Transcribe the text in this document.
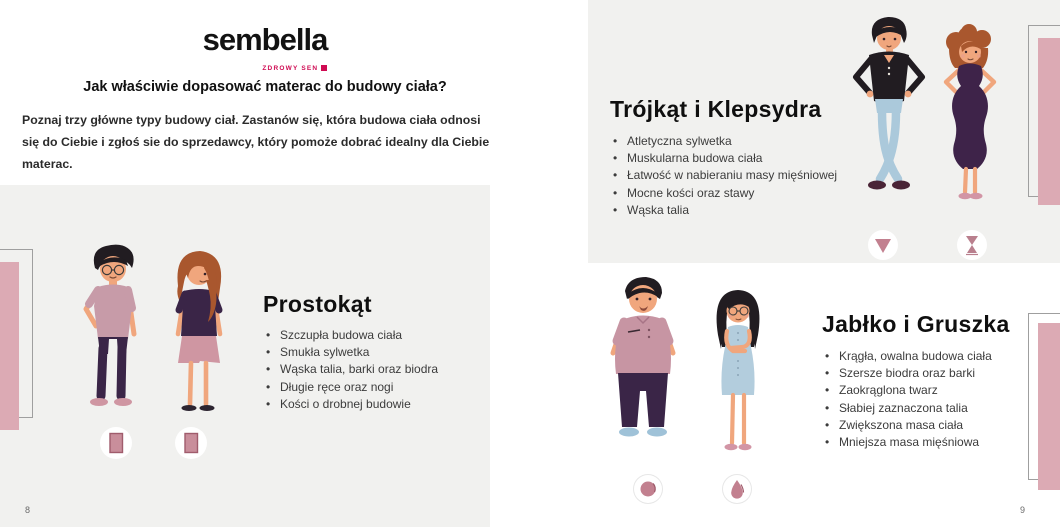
sembella
ZDROWY SEN
Jak właściwie dopasować materac do budowy ciała?
Poznaj trzy główne typy budowy ciał. Zastanów się, która budowa ciała odnosi się do Ciebie i zgłoś sie do sprzedawcy, który pomoże dobrać idealny dla Ciebie materac.
Prostokąt
• Szczupła budowa ciała
• Smukła sylwetka
• Wąska talia, barki oraz biodra
• Długie ręce oraz nogi
• Kości o drobnej budowie
8
Trójkąt i Klepsydra
• Atletyczna sylwetka
• Muskularna budowa ciała
• Łatwość w nabieraniu masy mięśniowej
• Mocne kości oraz stawy
• Wąska talia
Jabłko i Gruszka
• Krągła, owalna budowa ciała
• Szersze biodra oraz barki
• Zaokrąglona twarz
• Słabiej zaznaczona talia
• Zwiększona masa ciała
• Mniejsza masa mięśniowa
9
